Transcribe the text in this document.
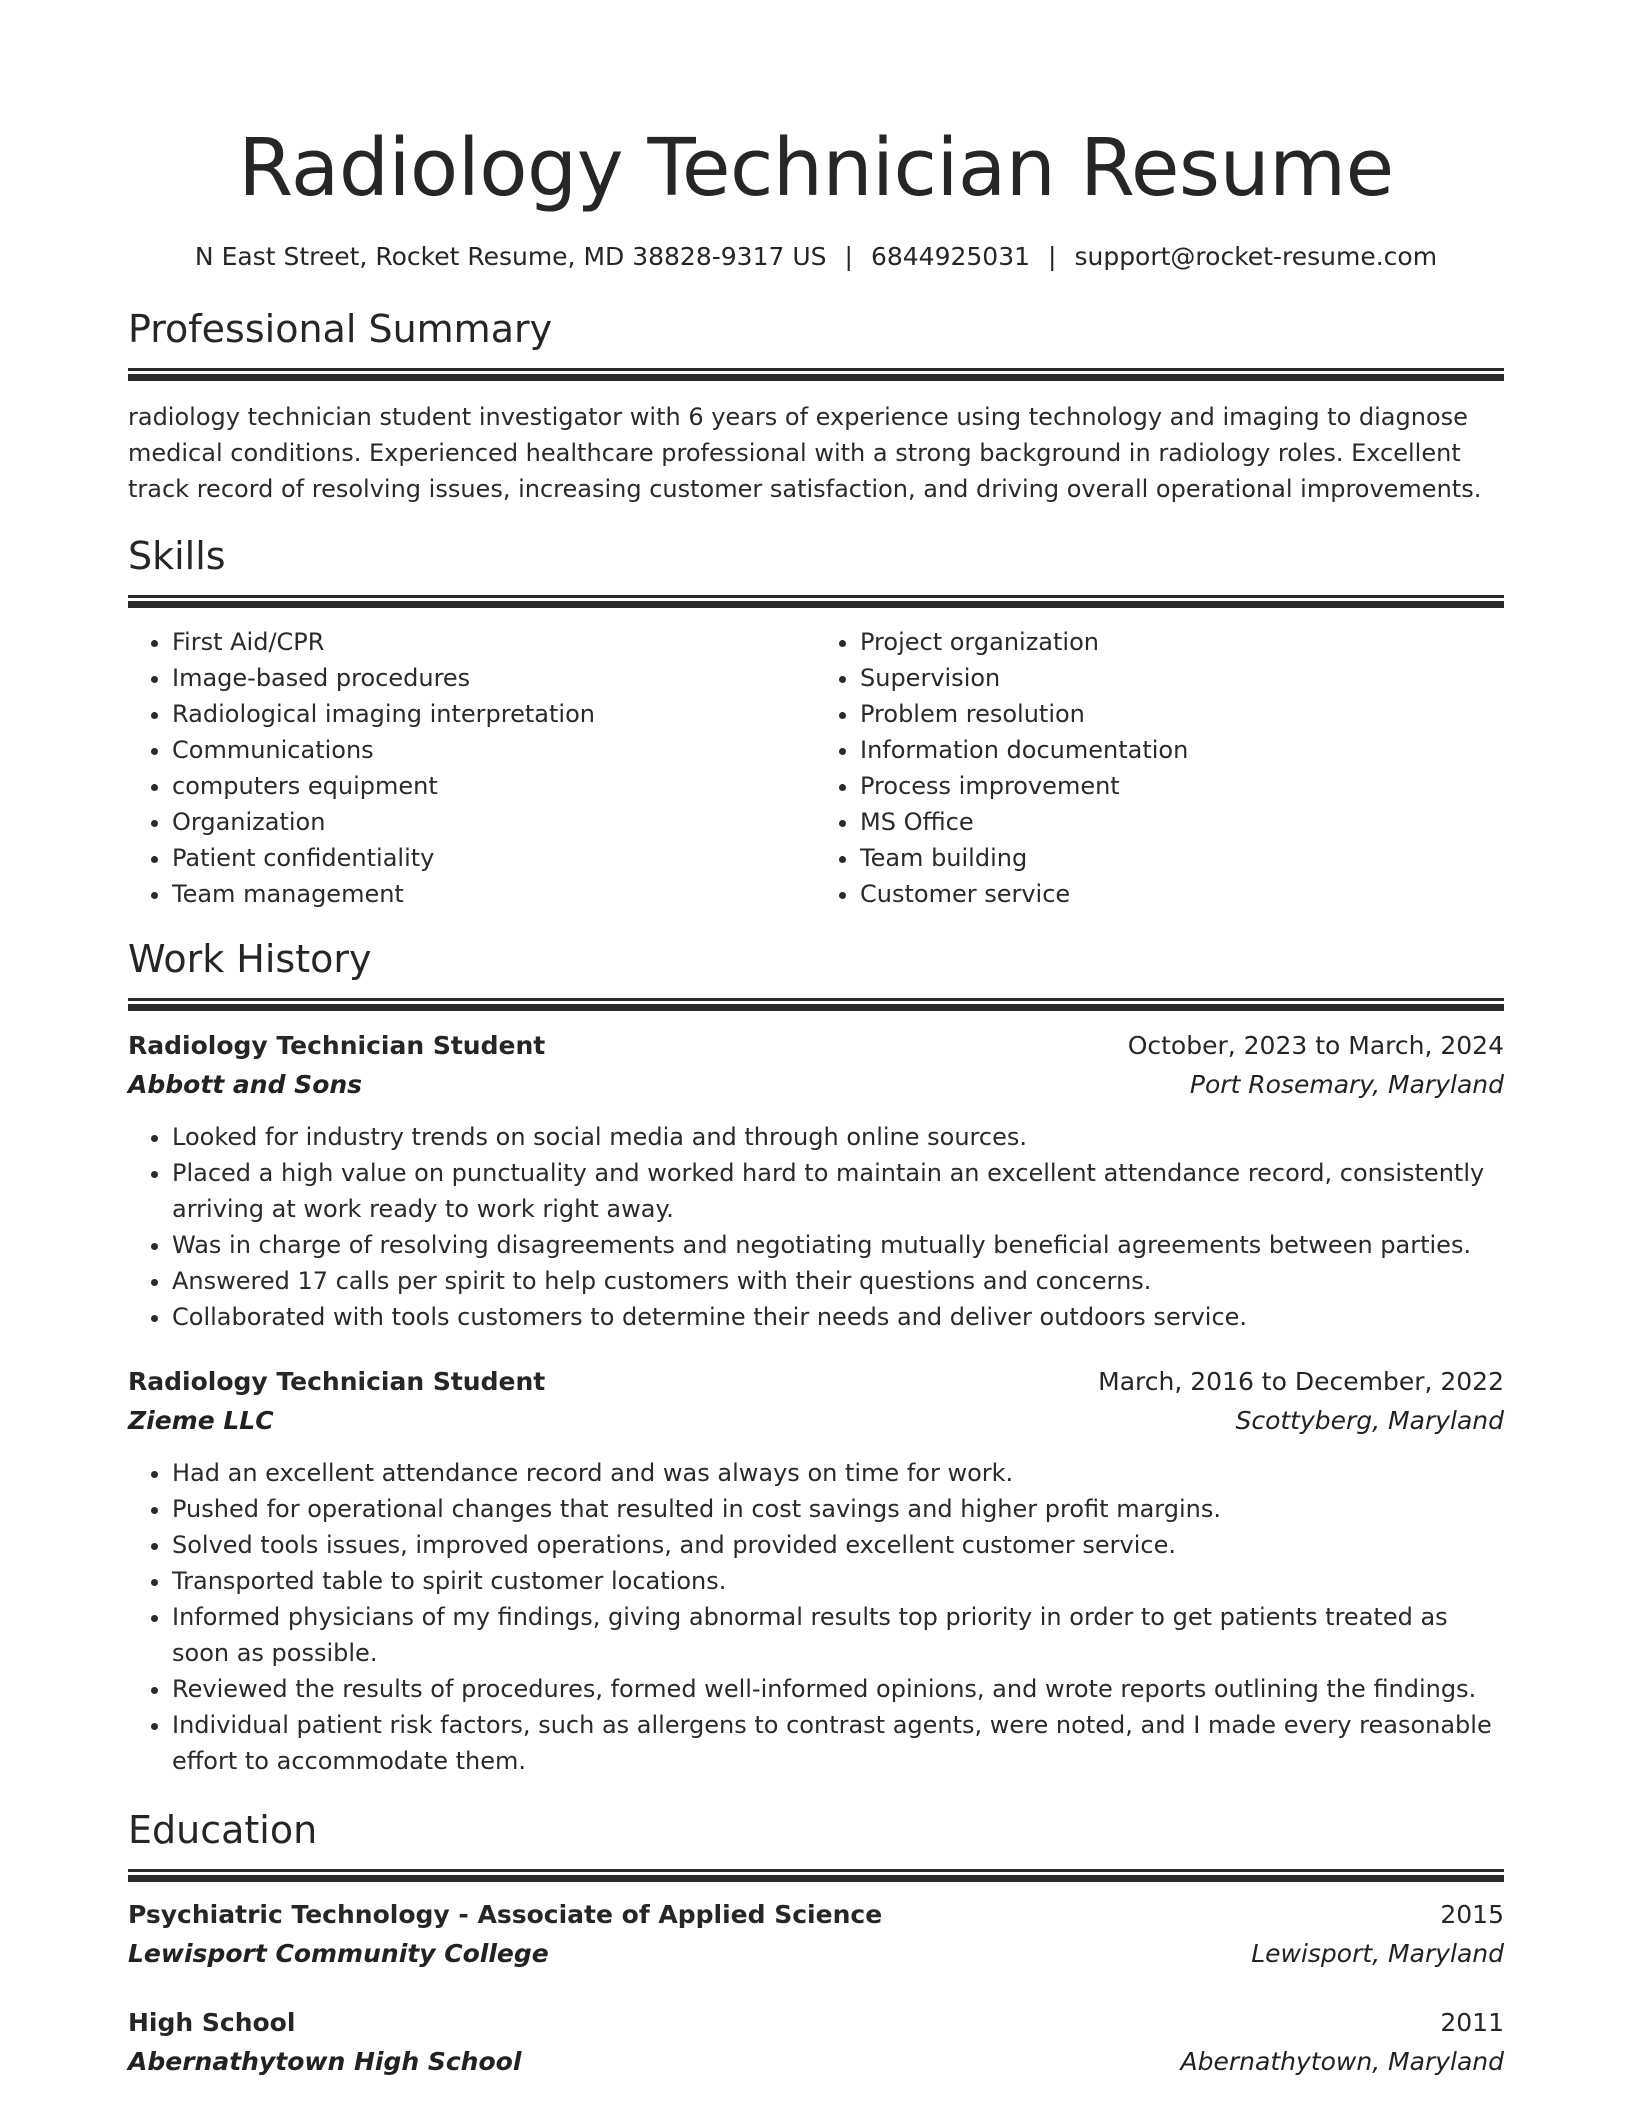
Radiology Technician Resume
N East Street, Rocket Resume, MD 38828-9317 US | 6844925031 | support@rocket-resume.com
Professional Summary

radiology technician student investigator with 6 years of experience using technology and imaging to diagnose medical conditions. Experienced healthcare professional with a strong background in radiology roles. Excellent track record of resolving issues, increasing customer satisfaction, and driving overall operational improvements.

Skills
• First Aid/CPR
• Image-based procedures
• Radiological imaging interpretation
• Communications
• computers equipment
• Organization
• Patient confidentiality
• Team management
• Project organization
• Supervision
• Problem resolution
• Information documentation
• Process improvement
• MS Office
• Team building
• Customer service
Work History
Radiology Technician Student	October, 2023 to March, 2024
Abbott and Sons	Port Rosemary, Maryland
• Looked for industry trends on social media and through online sources.
• Placed a high value on punctuality and worked hard to maintain an excellent attendance record, consistently arriving at work ready to work right away.
• Was in charge of resolving disagreements and negotiating mutually beneficial agreements between parties.
• Answered 17 calls per spirit to help customers with their questions and concerns.
• Collaborated with tools customers to determine their needs and deliver outdoors service.
Radiology Technician Student	March, 2016 to December, 2022
Zieme LLC	Scottyberg, Maryland
• Had an excellent attendance record and was always on time for work.
• Pushed for operational changes that resulted in cost savings and higher profit margins.
• Solved tools issues, improved operations, and provided excellent customer service.
• Transported table to spirit customer locations.
• Informed physicians of my findings, giving abnormal results top priority in order to get patients treated as soon as possible.
• Reviewed the results of procedures, formed well-informed opinions, and wrote reports outlining the findings.
• Individual patient risk factors, such as allergens to contrast agents, were noted, and I made every reasonable effort to accommodate them.
Education
Psychiatric Technology - Associate of Applied Science	2015
Lewisport Community College	Lewisport, Maryland
High School	2011
Abernathytown High School	Abernathytown, Maryland
